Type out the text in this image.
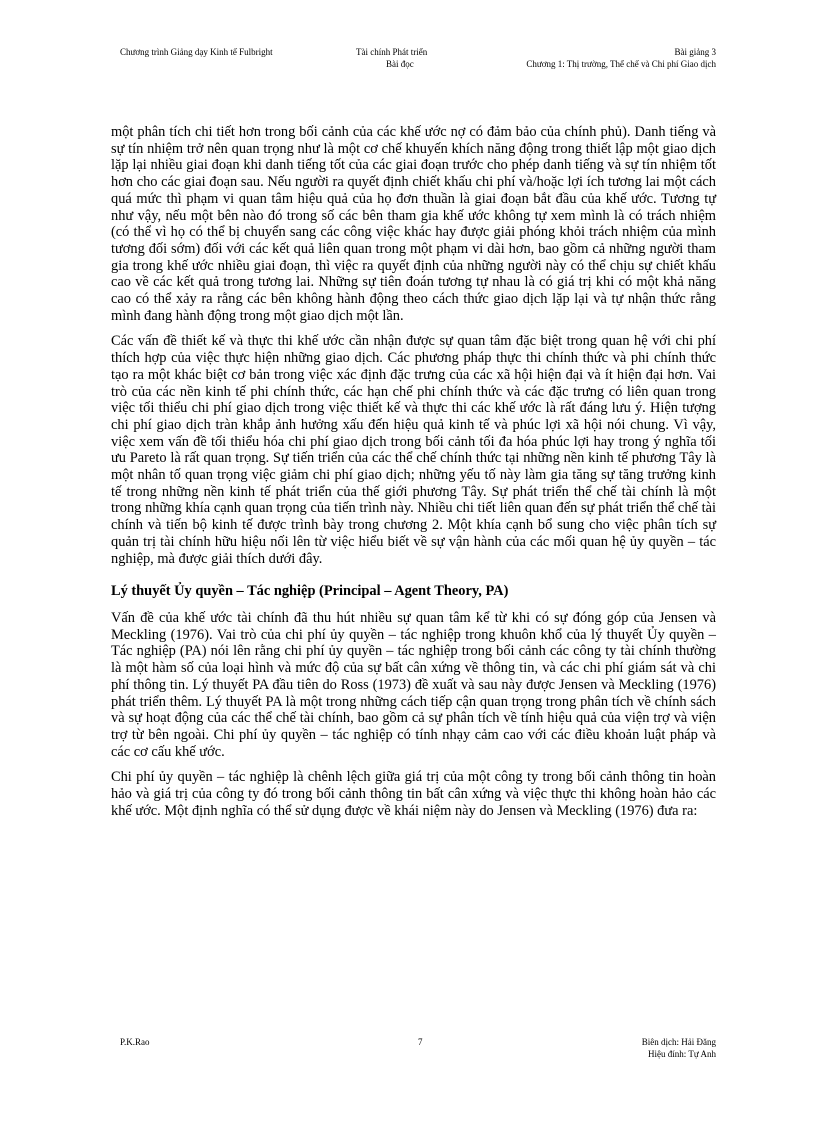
Chương trình Giảng dạy Kinh tế Fulbright	Tài chính Phát triển
Bài đọc
Bài giảng 3
Chương 1: Thị trường, Thể chế và Chi phí Giao dịch

một phân tích chi tiết hơn trong bối cảnh của các khế ước nợ có đảm bảo của chính phủ). Danh tiếng và sự tín nhiệm trở nên quan trọng như là một cơ chế khuyến khích năng động trong thiết lập một giao dịch lặp lại nhiều giai đoạn khi danh tiếng tốt của các giai đoạn trước cho phép danh tiếng và sự tín nhiệm tốt hơn cho các giai đoạn sau. Nếu người ra quyết định chiết khấu chi phí và/hoặc lợi ích tương lai một cách quá mức thì phạm vi quan tâm hiệu quả của họ đơn thuần là giai đoạn bắt đầu của khế ước. Tương tự như vậy, nếu một bên nào đó trong số các bên tham gia khế ước không tự xem mình là có trách nhiệm (có thể vì họ có thể bị chuyển sang các công việc khác hay được giải phóng khỏi trách nhiệm của mình tương đối sớm) đối với các kết quả liên quan trong một phạm vi dài hơn, bao gồm cả những người tham gia trong khế ước nhiều giai đoạn, thì việc ra quyết định của những người này có thể chịu sự chiết khấu cao về các kết quả trong tương lai. Những sự tiên đoán tương tự nhau là có giá trị khi có một khả năng cao có thể xảy ra rằng các bên không hành động theo cách thức giao dịch lặp lại và tự nhận thức rằng mình đang hành động trong một giao dịch một lần.

Các vấn đề thiết kế và thực thi khế ước cần nhận được sự quan tâm đặc biệt trong quan hệ với chi phí thích hợp của việc thực hiện những giao dịch. Các phương pháp thực thi chính thức và phi chính thức tạo ra một khác biệt cơ bản trong việc xác định đặc trưng của các xã hội hiện đại và ít hiện đại hơn. Vai trò của các nền kinh tế phi chính thức, các hạn chế phi chính thức và các đặc trưng có liên quan trong việc tối thiểu chi phí giao dịch trong việc thiết kế và thực thi các khế ước là rất đáng lưu ý. Hiện tượng chi phí giao dịch tràn khắp ảnh hưởng xấu đến hiệu quả kinh tế và phúc lợi xã hội nói chung. Vì vậy, việc xem vấn đề tối thiểu hóa chi phí giao dịch trong bối cảnh tối đa hóa phúc lợi hay trong ý nghĩa tối ưu Pareto là rất quan trọng. Sự tiến triển của các thể chế chính thức tại những nền kinh tế phương Tây là một nhân tố quan trọng việc giảm chi phí giao dịch; những yếu tố này làm gia tăng sự tăng trưởng kinh tế trong những nền kinh tế phát triển của thế giới phương Tây. Sự phát triển thể chế tài chính là một trong những khía cạnh quan trọng của tiến trình này. Nhiều chi tiết liên quan đến sự phát triển thể chế tài chính và tiến bộ kinh tế được trình bày trong chương 2. Một khía cạnh bổ sung cho việc phân tích sự quản trị tài chính hữu hiệu nối lên từ việc hiểu biết về sự vận hành của các mối quan hệ ủy quyền – tác nghiệp, mà được giải thích dưới đây.

Lý thuyết Ủy quyền – Tác nghiệp (Principal – Agent Theory, PA)

Vấn đề của khế ước tài chính đã thu hút nhiều sự quan tâm kể từ khi có sự đóng góp của Jensen và Meckling (1976). Vai trò của chi phí ủy quyền – tác nghiệp trong khuôn khổ của lý thuyết Ủy quyền – Tác nghiệp (PA) nói lên rằng chi phí ủy quyền – tác nghiệp trong bối cảnh các công ty tài chính thường là một hàm số của loại hình và mức độ của sự bất cân xứng về thông tin, và các chi phí giám sát và chi phí thông tin. Lý thuyết PA đầu tiên do Ross (1973) đề xuất và sau này được Jensen và Meckling (1976) phát triển thêm. Lý thuyết PA là một trong những cách tiếp cận quan trọng trong phân tích về chính sách và sự hoạt động của các thể chế tài chính, bao gồm cả sự phân tích về tính hiệu quả của viện trợ và viện trợ từ bên ngoài. Chi phí ủy quyền – tác nghiệp có tính nhạy cảm cao với các điều khoản luật pháp và các cơ cấu khế ước.

Chi phí ủy quyền – tác nghiệp là chênh lệch giữa giá trị của một công ty trong bối cảnh thông tin hoàn hảo và giá trị của công ty đó trong bối cảnh thông tin bất cân xứng và việc thực thi không hoàn hảo các khế ước. Một định nghĩa có thể sử dụng được về khái niệm này do Jensen và Meckling (1976) đưa ra:

P.K.Rao	7	Biên dịch: Hải Đăng
Hiệu đính: Tự Anh
